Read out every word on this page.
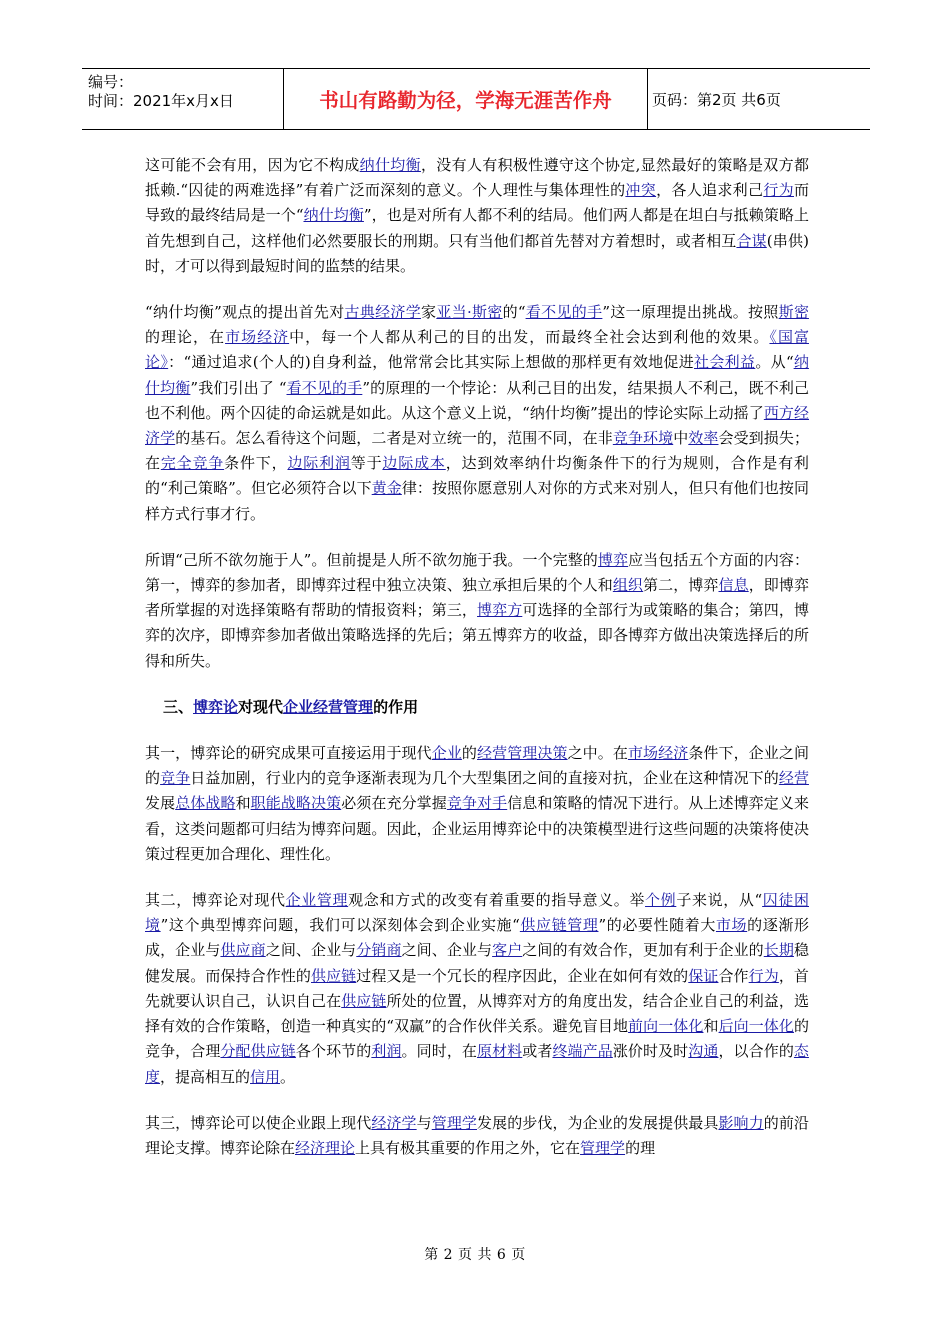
编号：
时间：2021年x月x日	书山有路勤为径，学海无涯苦作舟	页码：第2页 共6页

这可能不会有用，因为它不构成纳什均衡，没有人有积极性遵守这个协定,显然最好的策略是双方都抵赖.“囚徒的两难选择”有着广泛而深刻的意义。个人理性与集体理性的冲突，各人追求利己行为而导致的最终结局是一个“纳什均衡”，也是对所有人都不利的结局。他们两人都是在坦白与抵赖策略上首先想到自己，这样他们必然要服长的刑期。只有当他们都首先替对方着想时，或者相互合谋(串供)时，才可以得到最短时间的监禁的结果。

“纳什均衡”观点的提出首先对古典经济学家亚当·斯密的“看不见的手”这一原理提出挑战。按照斯密的理论，在市场经济中，每一个人都从利己的目的出发，而最终全社会达到利他的效果。《国富论》：“通过追求(个人的)自身利益，他常常会比其实际上想做的那样更有效地促进社会利益。从“纳什均衡”我们引出了 “看不见的手”的原理的一个悖论：从利己目的出发，结果损人不利己，既不利己也不利他。两个囚徒的命运就是如此。从这个意义上说，“纳什均衡”提出的悖论实际上动摇了西方经济学的基石。怎么看待这个问题，二者是对立统一的，范围不同，在非竞争环境中效率会受到损失；在完全竞争条件下，边际利润等于边际成本，达到效率纳什均衡条件下的行为规则，合作是有利的“利己策略”。但它必须符合以下黄金律：按照你愿意别人对你的方式来对别人，但只有他们也按同样方式行事才行。

所谓“己所不欲勿施于人”。但前提是人所不欲勿施于我。一个完整的博弈应当包括五个方面的内容：第一，博弈的参加者，即博弈过程中独立决策、独立承担后果的个人和组织第二，博弈信息，即博弈者所掌握的对选择策略有帮助的情报资料；第三，博弈方可选择的全部行为或策略的集合；第四，博弈的次序，即博弈参加者做出策略选择的先后；第五博弈方的收益，即各博弈方做出决策选择后的所得和所失。

三、博弈论对现代企业经营管理的作用

其一，博弈论的研究成果可直接运用于现代企业的经营管理决策之中。在市场经济条件下，企业之间的竞争日益加剧，行业内的竞争逐渐表现为几个大型集团之间的直接对抗，企业在这种情况下的经营发展总体战略和职能战略决策必须在充分掌握竞争对手信息和策略的情况下进行。从上述博弈定义来看，这类问题都可归结为博弈问题。因此，企业运用博弈论中的决策模型进行这些问题的决策将使决策过程更加合理化、理性化。

其二，博弈论对现代企业管理观念和方式的改变有着重要的指导意义。举个例子来说，从“囚徒困境”这个典型博弈问题，我们可以深刻体会到企业实施“供应链管理”的必要性随着大市场的逐渐形成，企业与供应商之间、企业与分销商之间、企业与客户之间的有效合作，更加有利于企业的长期稳健发展。而保持合作性的供应链过程又是一个冗长的程序因此，企业在如何有效的保证合作行为，首先就要认识自己，认识自己在供应链所处的位置，从博弈对方的角度出发，结合企业自己的利益，选择有效的合作策略，创造一种真实的“双赢”的合作伙伴关系。避免盲目地前向一体化和后向一体化的竞争，合理分配供应链各个环节的利润。同时，在原材料或者终端产品涨价时及时沟通，以合作的态度，提高相互的信用。

其三，博弈论可以使企业跟上现代经济学与管理学发展的步伐，为企业的发展提供最具影响力的前沿理论支撑。博弈论除在经济理论上具有极其重要的作用之外，它在管理学的理

第 2 页 共 6 页
